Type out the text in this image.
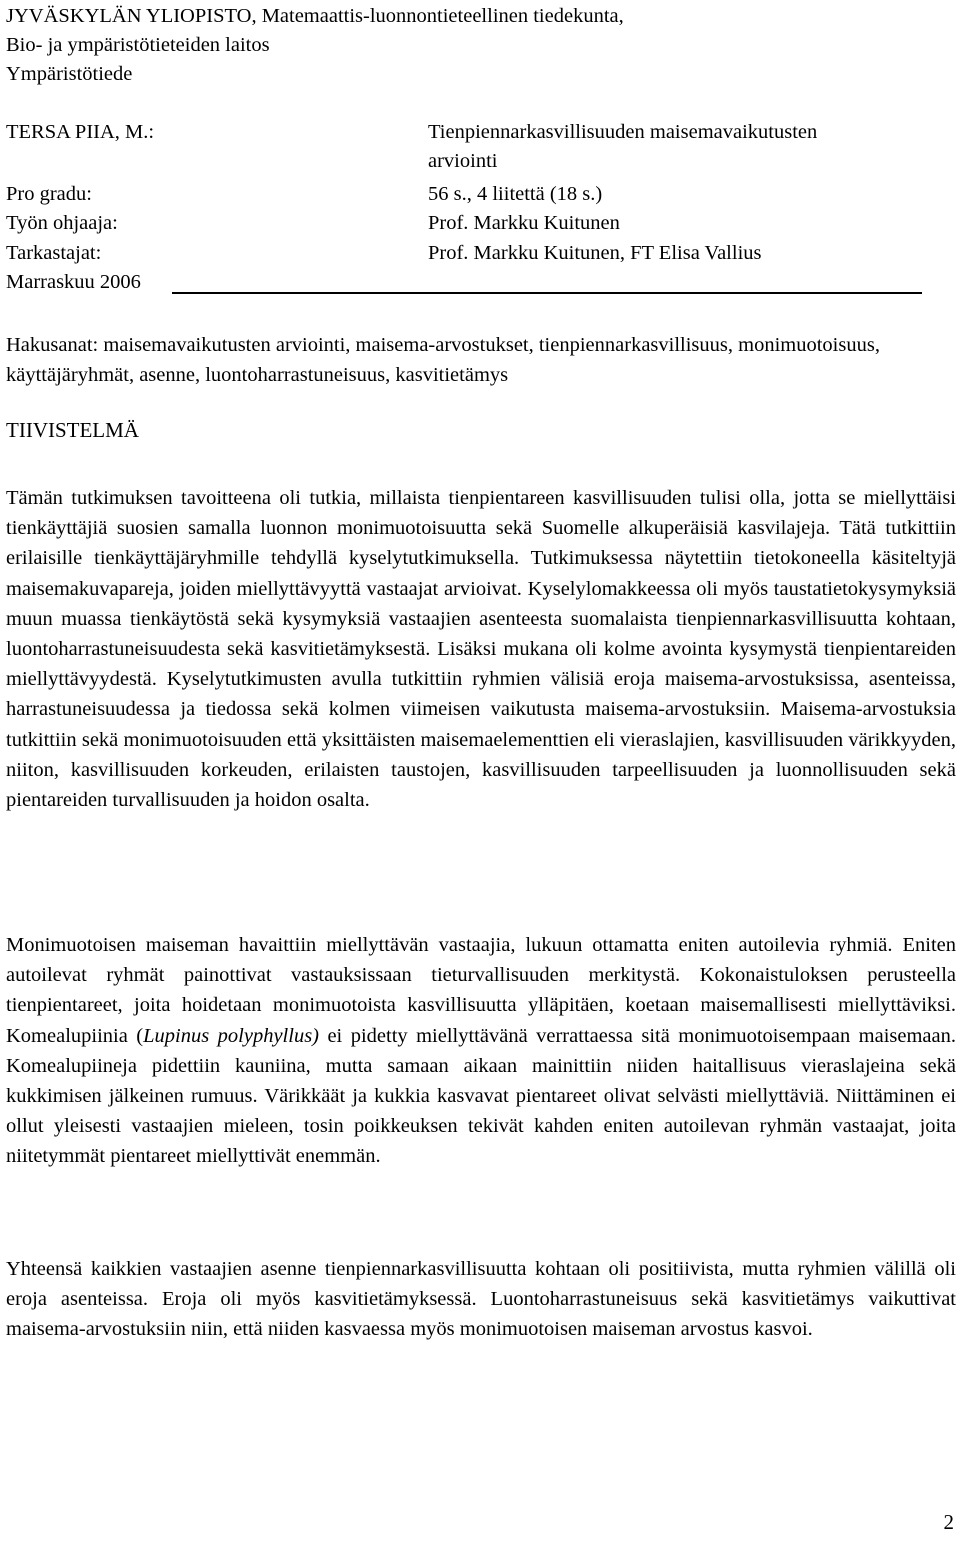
JYVÄSKYLÄN YLIOPISTO, Matemaattis-luonnontieteellinen tiedekunta,
Bio- ja ympäristötieteiden laitos
Ympäristötiede
TERSA PIIA, M.:	Tienpiennarkasvillisuuden maisemavaikutusten
arviointi
Pro gradu:	56 s., 4 liitettä (18 s.)
Työn ohjaaja:	Prof. Markku Kuitunen
Tarkastajat:	Prof. Markku Kuitunen, FT Elisa Vallius
Marraskuu 2006
Hakusanat: maisemavaikutusten arviointi, maisema-arvostukset, tienpiennarkasvillisuus, monimuotoisuus, käyttäjäryhmät, asenne, luontoharrastuneisuus, kasvitietämys
TIIVISTELMÄ
Tämän tutkimuksen tavoitteena oli tutkia, millaista tienpientareen kasvillisuuden tulisi olla, jotta se miellyttäisi tienkäyttäjiä suosien samalla luonnon monimuotoisuutta sekä Suomelle alkuperäisiä kasvilajeja. Tätä tutkittiin erilaisille tienkäyttäjäryhmille tehdyllä kyselytutkimuksella. Tutkimuksessa näytettiin tietokoneella käsiteltyjä maisemakuvapareja, joiden miellyttävyyttä vastaajat arvioivat. Kyselylomakkeessa oli myös taustatietokysymyksiä muun muassa tienkäytöstä sekä kysymyksiä vastaajien asenteesta suomalaista tienpiennarkasvillisuutta kohtaan, luontoharrastuneisuudesta sekä kasvitietämyksestä. Lisäksi mukana oli kolme avointa kysymystä tienpientareiden miellyttävyydestä. Kyselytutkimusten avulla tutkittiin ryhmien välisiä eroja maisema-arvostuksissa, asenteissa, harrastuneisuudessa ja tiedossa sekä kolmen viimeisen vaikutusta maisema-arvostuksiin. Maisema-arvostuksia tutkittiin sekä monimuotoisuuden että yksittäisten maisemaelementtien eli vieraslajien, kasvillisuuden värikkyyden, niiton, kasvillisuuden korkeuden, erilaisten taustojen, kasvillisuuden tarpeellisuuden ja luonnollisuuden sekä pientareiden turvallisuuden ja hoidon osalta.
Monimuotoisen maiseman havaittiin miellyttävän vastaajia, lukuun ottamatta eniten autoilevia ryhmiä. Eniten autoilevat ryhmät painottivat vastauksissaan tieturvallisuuden merkitystä. Kokonaistuloksen perusteella tienpientareet, joita hoidetaan monimuotoista kasvillisuutta ylläpitäen, koetaan maisemallisesti miellyttäviksi. Komealupiinia (Lupinus polyphyllus) ei pidetty miellyttävänä verrattaessa sitä monimuotoisempaan maisemaan. Komealupiineja pidettiin kauniina, mutta samaan aikaan mainittiin niiden haitallisuus vieraslajeina sekä kukkimisen jälkeinen rumuus. Värikkäät ja kukkia kasvavat pientareet olivat selvästi miellyttäviä. Niittäminen ei ollut yleisesti vastaajien mieleen, tosin poikkeuksen tekivät kahden eniten autoilevan ryhmän vastaajat, joita niitetymmät pientareet miellyttivät enemmän.
Yhteensä kaikkien vastaajien asenne tienpiennarkasvillisuutta kohtaan oli positiivista, mutta ryhmien välillä oli eroja asenteissa. Eroja oli myös kasvitietämyksessä. Luontoharrastuneisuus sekä kasvitietämys vaikuttivat maisema-arvostuksiin niin, että niiden kasvaessa myös monimuotoisen maiseman arvostus kasvoi.
2
